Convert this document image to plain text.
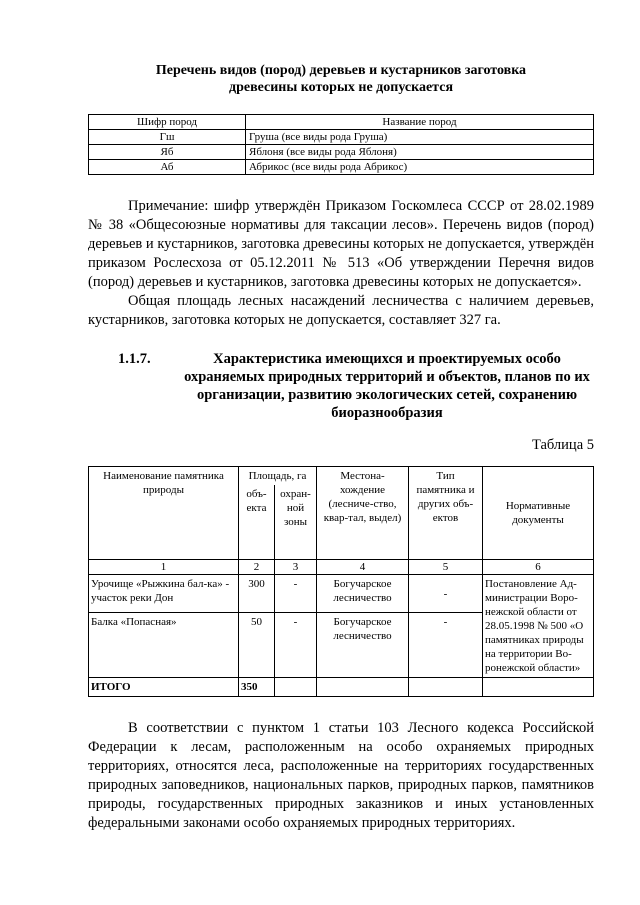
Перечень видов (пород) деревьев и кустарников заготовка
древесины которых не допускается
Шифр пород	Название пород
Гш	Груша (все виды рода Груша)
Яб	Яблоня (все виды рода Яблоня)
Аб	Абрикос (все виды рода Абрикос)

Примечание: шифр утверждён Приказом Госкомлеса СССР от 28.02.1989 № 38 «Общесоюзные нормативы для таксации лесов». Перечень видов (пород) деревьев и кустарников, заготовка древесины которых не допускается, утверждён приказом Рослесхоза от 05.12.2011 № 513 «Об утверждении Перечня видов (пород) деревьев и кустарников, заготовка древесины которых не допускается».

Общая площадь лесных насаждений лесничества с наличием деревьев, кустарников, заготовка которых не допускается, составляет 327 га.

1.1.7.	Характеристика имеющихся и проектируемых особо охраняемых природных территорий и объектов, планов по их организации, развитию экологических сетей, сохранению биоразнообразия
Таблица 5
Наименование памятника природы	Площадь, га		Местона-хождение (лесниче-ство, квар-тал, выдел)	Тип памятника и других объ-ектов	Нормативные документы
	объ-екта	охран-ной зоны			
1	2	3	4	5	6
Урочище «Рыжкина бал-ка» - участок реки Дон	300	-	Богучарское лесничество	-	Постановление Ад-министрации Воро-нежской области от 28.05.1998 № 500 «О памятниках природы на территории Во-ронежской области»
Балка «Попасная»	50	-	Богучарское лесничество	-	
ИТОГО	350				

В соответствии с пунктом 1 статьи 103 Лесного кодекса Российской Федерации к лесам, расположенным на особо охраняемых природных территориях, относятся леса, расположенные на территориях государственных природных заповедников, национальных парков, природных парков, памятников природы, государственных природных заказников и иных установленных федеральными законами особо охраняемых природных территориях.
